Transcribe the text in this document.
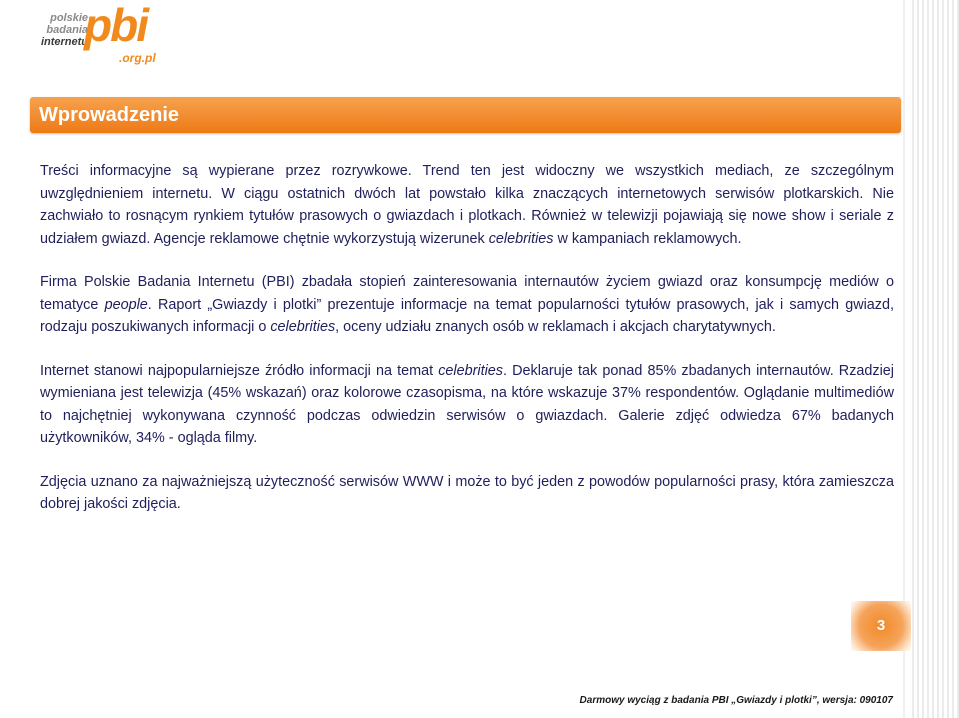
polskie
badania
internetu
pbi
.org.pl
Wprowadzenie

Treści informacyjne są wypierane przez rozrywkowe. Trend ten jest widoczny we wszystkich mediach, ze szczególnym uwzględnieniem internetu. W ciągu ostatnich dwóch lat powstało kilka znaczących internetowych serwisów plotkarskich. Nie zachwiało to rosnącym rynkiem tytułów prasowych o gwiazdach i plotkach. Również w telewizji pojawiają się nowe show i seriale z udziałem gwiazd. Agencje reklamowe chętnie wykorzystują wizerunek celebrities w kampaniach reklamowych.

Firma Polskie Badania Internetu (PBI) zbadała stopień zainteresowania internautów życiem gwiazd oraz konsumpcję mediów o tematyce people. Raport „Gwiazdy i plotki” prezentuje informacje na temat popularności tytułów prasowych, jak i samych gwiazd, rodzaju poszukiwanych informacji o celebrities, oceny udziału znanych osób w reklamach i akcjach charytatywnych.

Internet stanowi najpopularniejsze źródło informacji na temat celebrities. Deklaruje tak ponad 85% zbadanych internautów. Rzadziej wymieniana jest telewizja (45% wskazań) oraz kolorowe czasopisma, na które wskazuje 37% respondentów. Oglądanie multimediów to najchętniej wykonywana czynność podczas odwiedzin serwisów o gwiazdach. Galerie zdjęć odwiedza 67% badanych użytkowników, 34% - ogląda filmy.

Zdjęcia uznano za najważniejszą użyteczność serwisów WWW i może to być jeden z powodów popularności prasy, która zamieszcza dobrej jakości zdjęcia.

3
Darmowy wyciąg z badania PBI „Gwiazdy i plotki”, wersja: 090107
